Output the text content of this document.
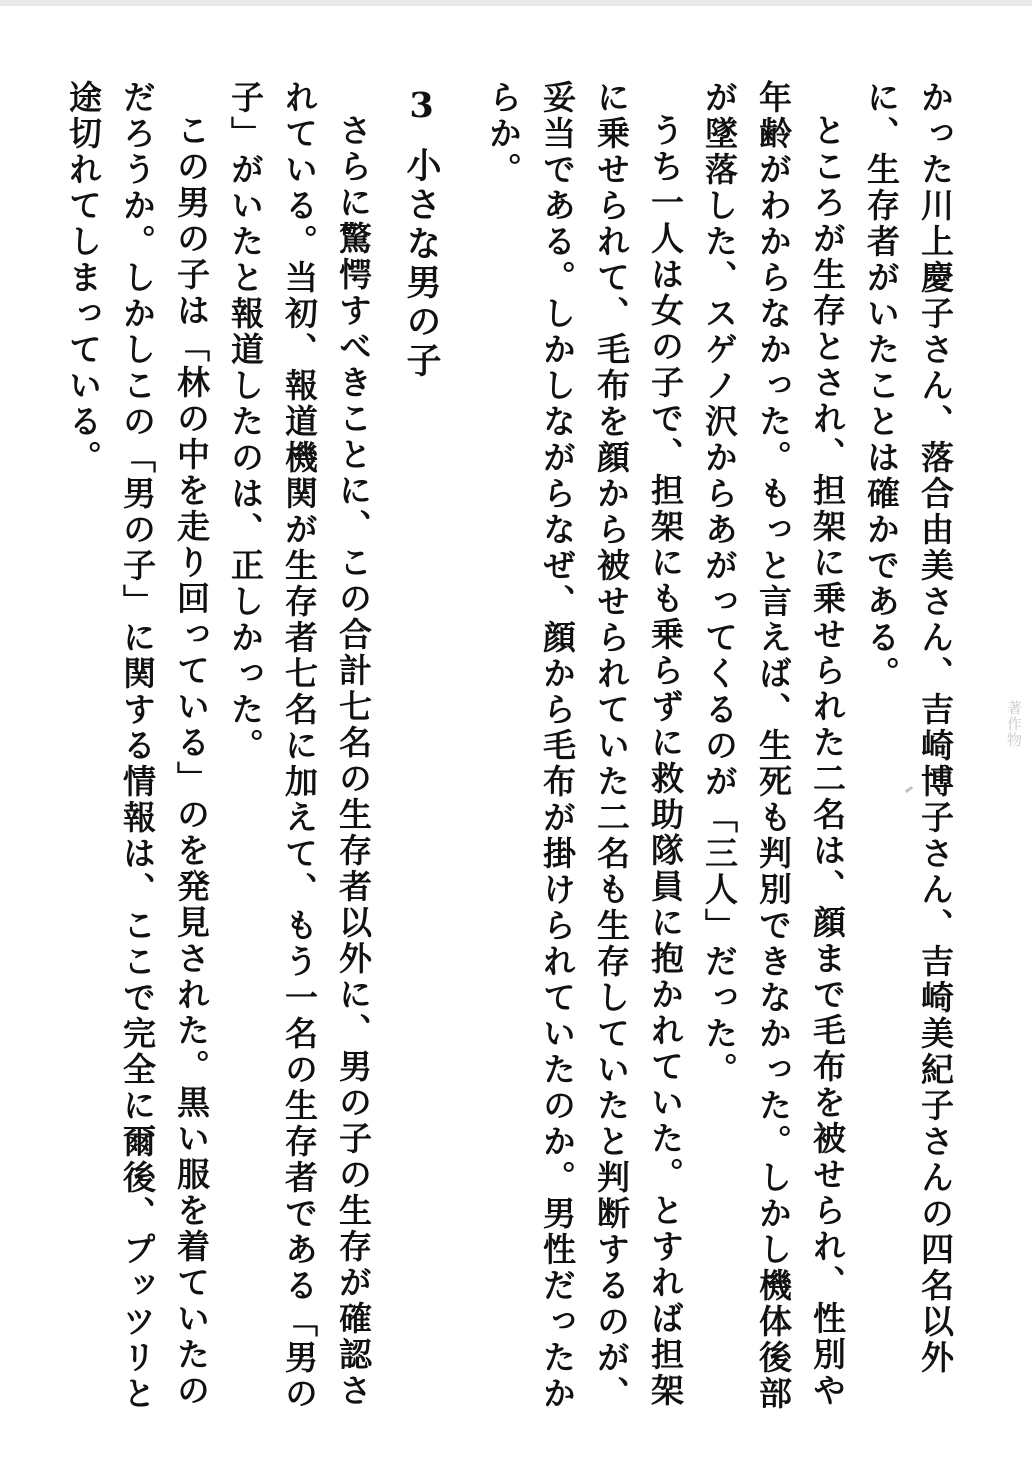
かった川上慶子さん、落合由美さん、吉崎博子さん、吉崎美紀子さんの四名以外に、生存者がいたことは確かである。

ところが生存とされ、担架に乗せられた二名は、顔まで毛布を被せられ、性別や年齢がわからなかった。もっと言えば、生死も判別できなかった。しかし機体後部が墜落した、スゲノ沢からあがってくるのが「三人」だった。

うち一人は女の子で、担架にも乗らずに救助隊員に抱かれていた。とすれば担架に乗せられて、毛布を顔から被せられていた二名も生存していたと判断するのが、妥当である。しかしながらなぜ、顔から毛布が掛けられていたのか。男性だったからか。

3小さな男の子

さらに驚愕すべきことに、この合計七名の生存者以外に、男の子の生存が確認されている。当初、報道機関が生存者七名に加えて、もう一名の生存者である「男の子」がいたと報道したのは、正しかった。

この男の子は「林の中を走り回っている」のを発見された。黒い服を着ていたのだろうか。しかしこの「男の子」に関する情報は、ここで完全に爾後、プッツリと途切れてしまっている。

著作物
